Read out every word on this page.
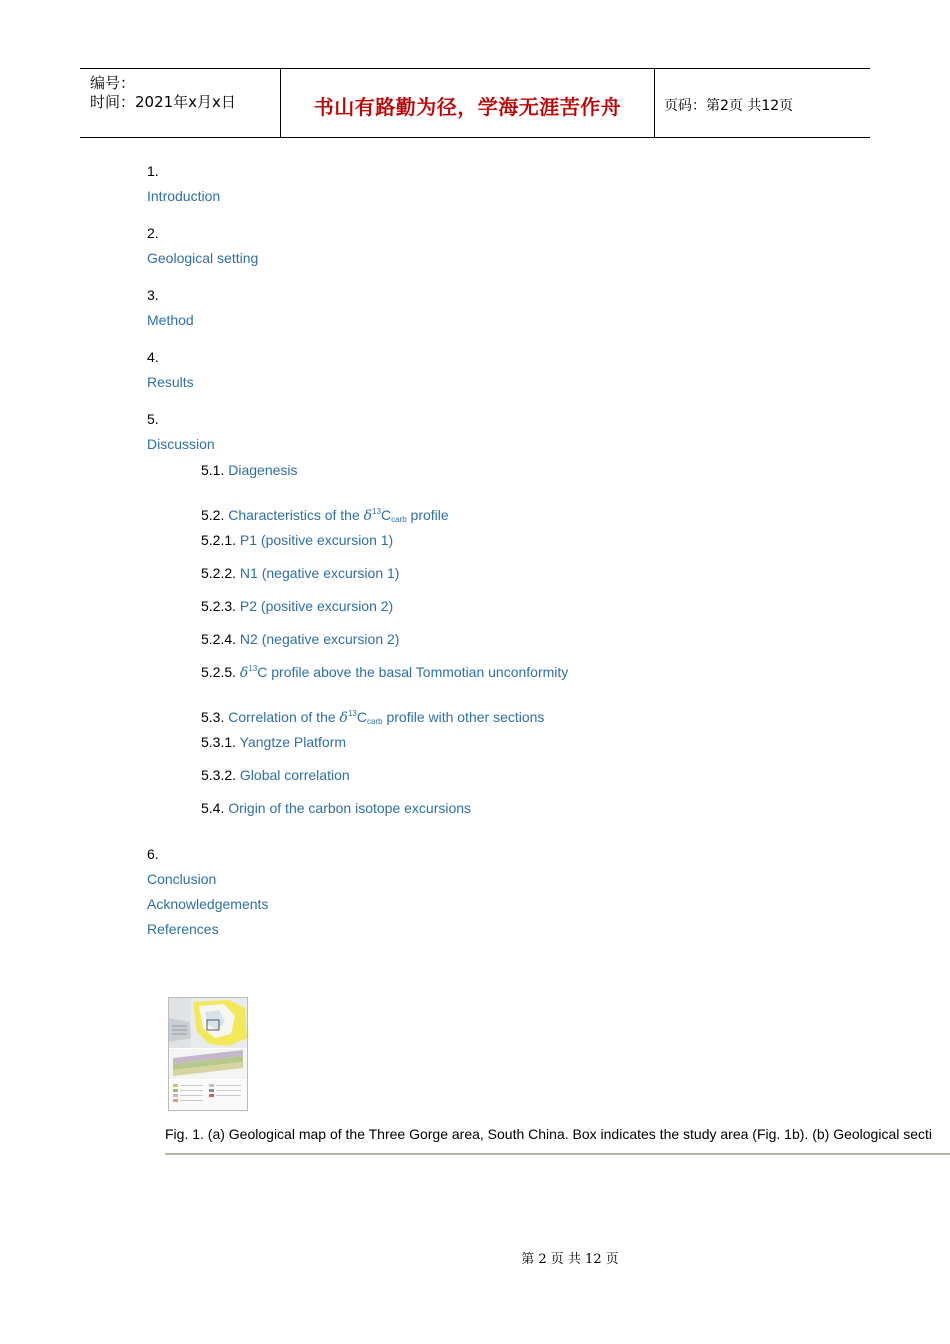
编号：
时间：2021年x月x日	书山有路勤为径，学海无涯苦作舟	页码：第2页 共12页
1.
Introduction
2.
Geological setting
3.
Method
4.
Results
5.
Discussion
5.1. Diagenesis
5.2. Characteristics of the $\delta^{13}Ccarb$ profile
5.2.1. P1 (positive excursion 1)
5.2.2. N1 (negative excursion 1)
5.2.3. P2 (positive excursion 2)
5.2.4. N2 (negative excursion 2)
5.2.5. $\delta^{13}C$ profile above the basal Tommotian unconformity
5.3. Correlation of the $\delta^{13}Ccarb$ profile with other sections
5.3.1. Yangtze Platform
5.3.2. Global correlation
5.4. Origin of the carbon isotope excursions
6.
Conclusion
Acknowledgements
References
Fig. 1. (a) Geological map of the Three Gorge area, South China. Box indicates the study area (Fig. 1b). (b) Geological secti
第 2 页 共 12 页
